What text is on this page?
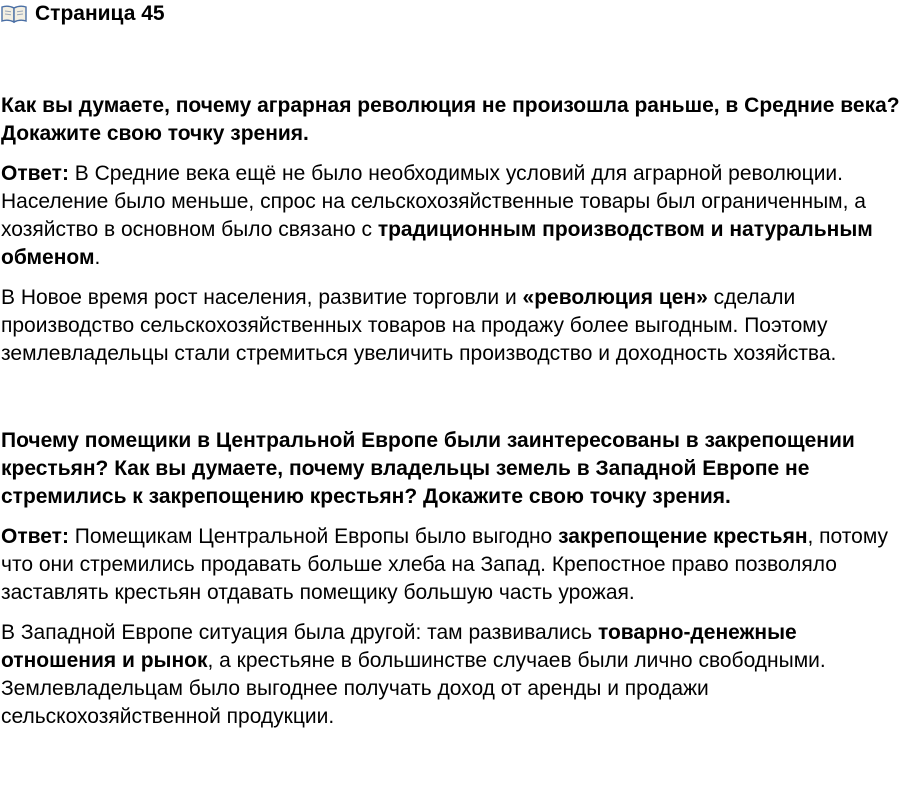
Страница 45

Как вы думаете, почему аграрная революция не произошла раньше, в Средние века? Докажите свою точку зрения.

Ответ: В Средние века ещё не было необходимых условий для аграрной революции. Население было меньше, спрос на сельскохозяйственные товары был ограниченным, а хозяйство в основном было связано с традиционным производством и натуральным обменом.

В Новое время рост населения, развитие торговли и «революция цен» сделали производство сельскохозяйственных товаров на продажу более выгодным. Поэтому землевладельцы стали стремиться увеличить производство и доходность хозяйства.

Почему помещики в Центральной Европе были заинтересованы в закрепощении крестьян? Как вы думаете, почему владельцы земель в Западной Европе не стремились к закрепощению крестьян? Докажите свою точку зрения.

Ответ: Помещикам Центральной Европы было выгодно закрепощение крестьян, потому что они стремились продавать больше хлеба на Запад. Крепостное право позволяло заставлять крестьян отдавать помещику большую часть урожая.

В Западной Европе ситуация была другой: там развивались товарно-денежные отношения и рынок, а крестьяне в большинстве случаев были лично свободными. Землевладельцам было выгоднее получать доход от аренды и продажи сельскохозяйственной продукции.
